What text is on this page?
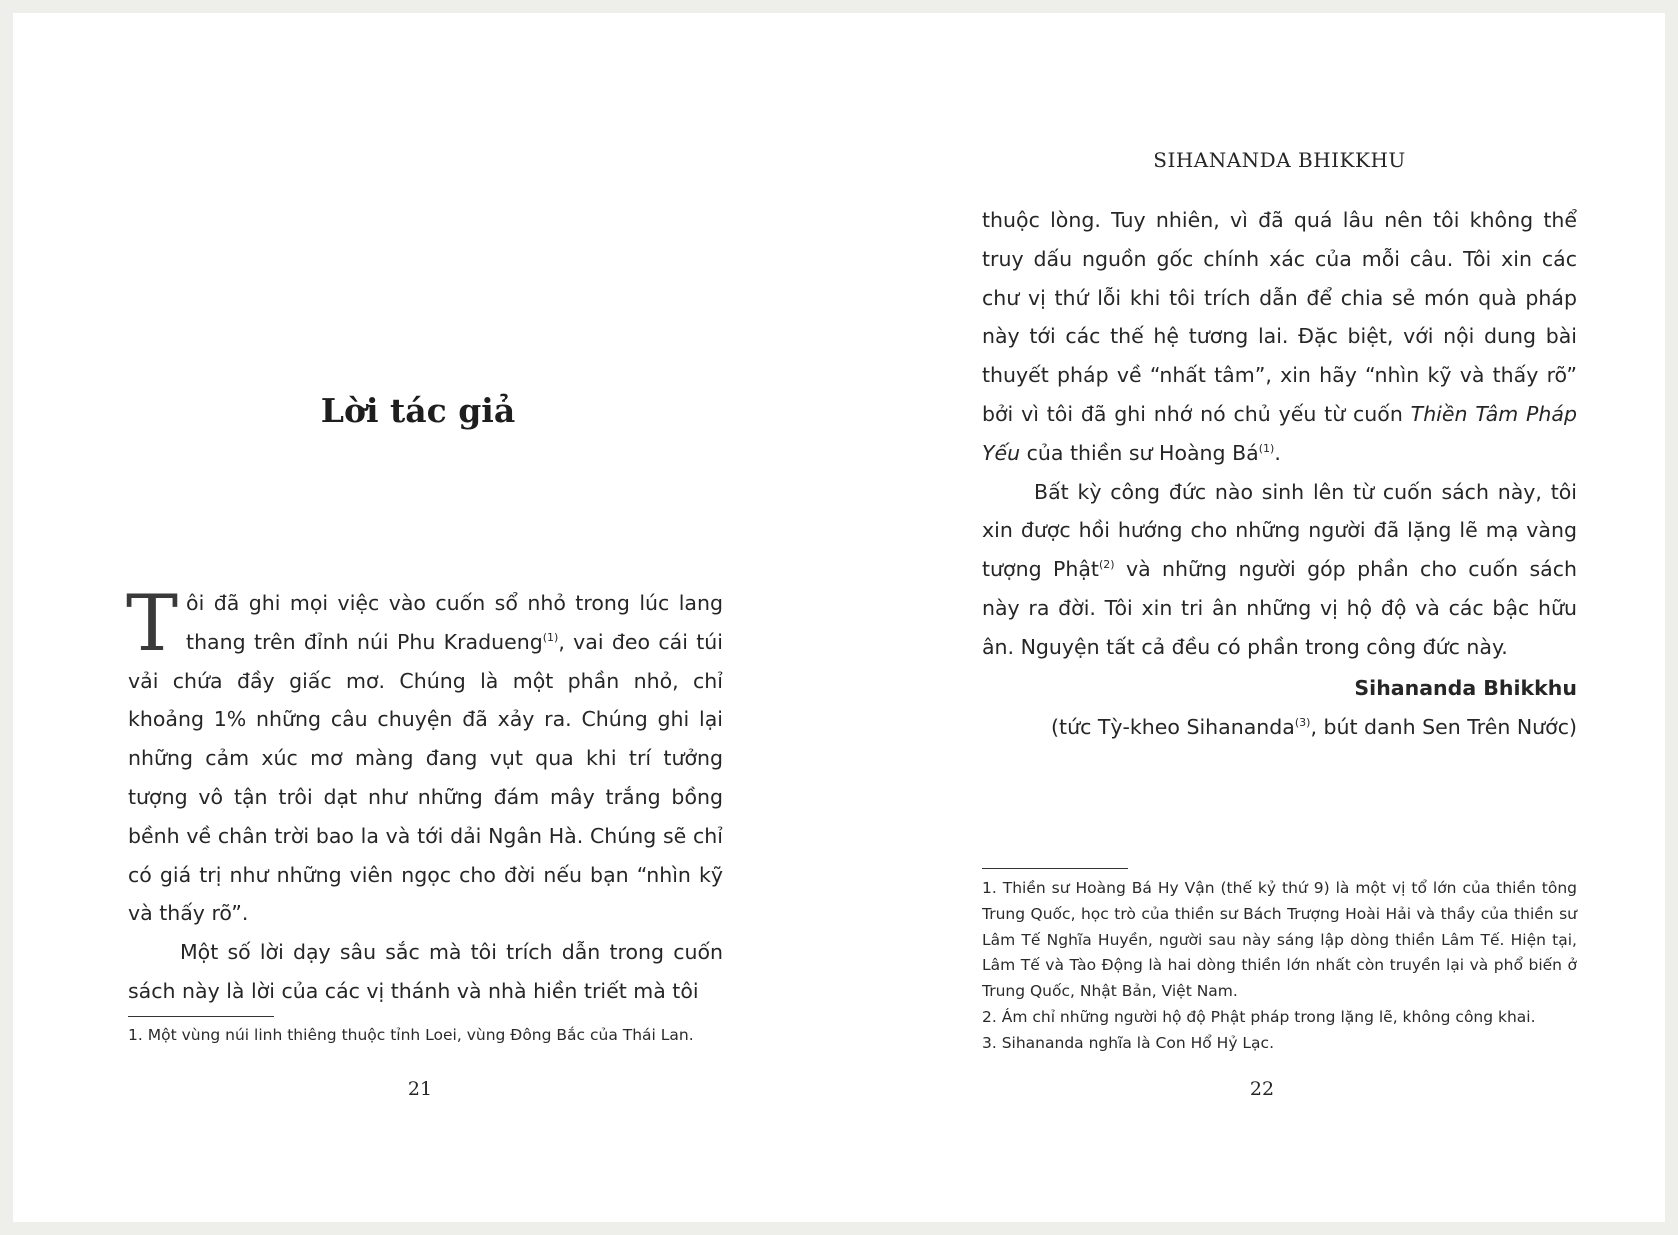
Lời tác giả

Tôi đã ghi mọi việc vào cuốn sổ nhỏ trong lúc lang thang trên đỉnh núi Phu Kradueng$^{(1)}$, vai đeo cái túi vải chứa đầy giấc mơ. Chúng là một phần nhỏ, chỉ khoảng 1% những câu chuyện đã xảy ra. Chúng ghi lại những cảm xúc mơ màng đang vụt qua khi trí tưởng tượng vô tận trôi dạt như những đám mây trắng bồng bềnh về chân trời bao la và tới dải Ngân Hà. Chúng sẽ chỉ có giá trị như những viên ngọc cho đời nếu bạn “nhìn kỹ và thấy rõ”.

Một số lời dạy sâu sắc mà tôi trích dẫn trong cuốn sách này là lời của các vị thánh và nhà hiền triết mà tôi

1. Một vùng núi linh thiêng thuộc tỉnh Loei, vùng Đông Bắc của Thái Lan.

21
SIHANANDA BHIKKHU

thuộc lòng. Tuy nhiên, vì đã quá lâu nên tôi không thể truy dấu nguồn gốc chính xác của mỗi câu. Tôi xin các chư vị thứ lỗi khi tôi trích dẫn để chia sẻ món quà pháp này tới các thế hệ tương lai. Đặc biệt, với nội dung bài thuyết pháp về “nhất tâm”, xin hãy “nhìn kỹ và thấy rõ” bởi vì tôi đã ghi nhớ nó chủ yếu từ cuốn Thiền Tâm Pháp Yếu của thiền sư Hoàng $Bá^{(1)}$.

Bất kỳ công đức nào sinh lên từ cuốn sách này, tôi xin được hồi hướng cho những người đã lặng lẽ mạ vàng tượng Phật$^{(2)}$ và những người góp phần cho cuốn sách này ra đời. Tôi xin tri ân những vị hộ độ và các bậc hữu ân. Nguyện tất cả đều có phần trong công đức này.

Sihananda Bhikkhu
(tức Tỳ-kheo Sihananda$^{(3)}$, bút danh Sen Trên Nước)

1. Thiền sư Hoàng Bá Hy Vận (thế kỷ thứ 9) là một vị tổ lớn của thiền tông Trung Quốc, học trò của thiền sư Bách Trượng Hoài Hải và thầy của thiền sư Lâm Tế Nghĩa Huyền, người sau này sáng lập dòng thiền Lâm Tế. Hiện tại, Lâm Tế và Tào Động là hai dòng thiền lớn nhất còn truyền lại và phổ biến ở Trung Quốc, Nhật Bản, Việt Nam.

2. Ám chỉ những người hộ độ Phật pháp trong lặng lẽ, không công khai.

3. Sihananda nghĩa là Con Hổ Hỷ Lạc.

22
